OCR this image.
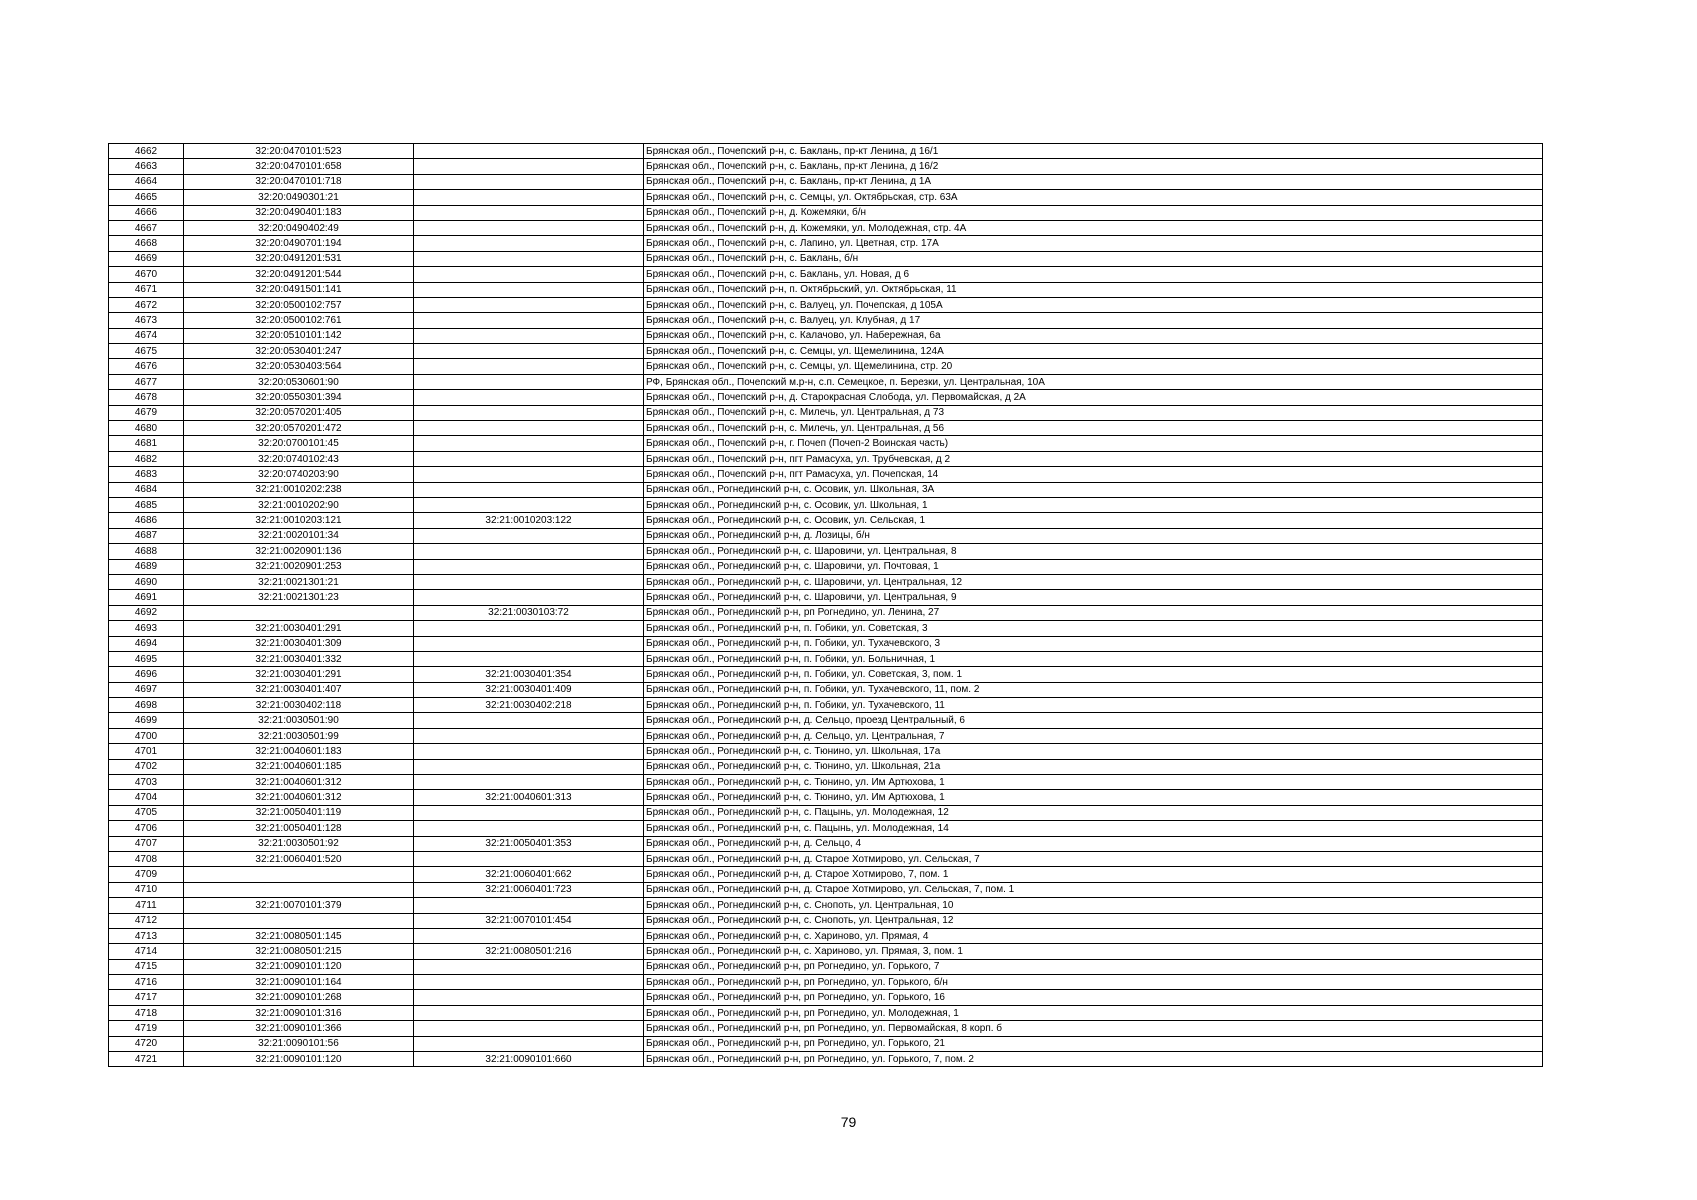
4662	32:20:0470101:523		Брянская обл., Почепский р-н, с. Баклань, пр-кт Ленина, д 16/1
4663	32:20:0470101:658		Брянская обл., Почепский р-н, с. Баклань, пр-кт Ленина, д 16/2
4664	32:20:0470101:718		Брянская обл., Почепский р-н, с. Баклань, пр-кт Ленина, д 1А
4665	32:20:0490301:21		Брянская обл., Почепский р-н, с. Семцы, ул. Октябрьская, стр. 63А
4666	32:20:0490401:183		Брянская обл., Почепский р-н, д. Кожемяки, б/н
4667	32:20:0490402:49		Брянская обл., Почепский р-н, д. Кожемяки, ул. Молодежная, стр. 4А
4668	32:20:0490701:194		Брянская обл., Почепский р-н, с. Лапино, ул. Цветная, стр. 17А
4669	32:20:0491201:531		Брянская обл., Почепский р-н, с. Баклань, б/н
4670	32:20:0491201:544		Брянская обл., Почепский р-н, с. Баклань, ул. Новая, д 6
4671	32:20:0491501:141		Брянская обл., Почепский р-н, п. Октябрьский, ул. Октябрьская, 11
4672	32:20:0500102:757		Брянская обл., Почепский р-н, с. Валуец, ул. Почепская, д 105А
4673	32:20:0500102:761		Брянская обл., Почепский р-н, с. Валуец, ул. Клубная, д 17
4674	32:20:0510101:142		Брянская обл., Почепский р-н, с. Калачово, ул. Набережная, 6а
4675	32:20:0530401:247		Брянская обл., Почепский р-н, с. Семцы, ул. Щемелинина, 124А
4676	32:20:0530403:564		Брянская обл., Почепский р-н, с. Семцы, ул. Щемелинина, стр. 20
4677	32:20:0530601:90		РФ, Брянская обл., Почепский м.р-н, с.п. Семецкое, п. Березки, ул. Центральная, 10А
4678	32:20:0550301:394		Брянская обл., Почепский р-н, д. Старокрасная Слобода, ул. Первомайская, д 2А
4679	32:20:0570201:405		Брянская обл., Почепский р-н, с. Милечь, ул. Центральная, д 73
4680	32:20:0570201:472		Брянская обл., Почепский р-н, с. Милечь, ул. Центральная, д 56
4681	32:20:0700101:45		Брянская обл., Почепский р-н, г. Почеп (Почеп-2 Воинская часть)
4682	32:20:0740102:43		Брянская обл., Почепский р-н, пгт Рамасуха, ул. Трубчевская, д 2
4683	32:20:0740203:90		Брянская обл., Почепский р-н, пгт Рамасуха, ул. Почепская, 14
4684	32:21:0010202:238		Брянская обл., Рогнединский р-н, с. Осовик, ул. Школьная, 3А
4685	32:21:0010202:90		Брянская обл., Рогнединский р-н, с. Осовик, ул. Школьная, 1
4686	32:21:0010203:121	32:21:0010203:122	Брянская обл., Рогнединский р-н, с. Осовик, ул. Сельская, 1
4687	32:21:0020101:34		Брянская обл., Рогнединский р-н, д. Лозицы, б/н
4688	32:21:0020901:136		Брянская обл., Рогнединский р-н, с. Шаровичи, ул. Центральная, 8
4689	32:21:0020901:253		Брянская обл., Рогнединский р-н, с. Шаровичи, ул. Почтовая, 1
4690	32:21:0021301:21		Брянская обл., Рогнединский р-н, с. Шаровичи, ул. Центральная, 12
4691	32:21:0021301:23		Брянская обл., Рогнединский р-н, с. Шаровичи, ул. Центральная, 9
4692		32:21:0030103:72	Брянская обл., Рогнединский р-н, рп Рогнедино, ул. Ленина, 27
4693	32:21:0030401:291		Брянская обл., Рогнединский р-н, п. Гобики, ул. Советская, 3
4694	32:21:0030401:309		Брянская обл., Рогнединский р-н, п. Гобики, ул. Тухачевского, 3
4695	32:21:0030401:332		Брянская обл., Рогнединский р-н, п. Гобики, ул. Больничная, 1
4696	32:21:0030401:291	32:21:0030401:354	Брянская обл., Рогнединский р-н, п. Гобики, ул. Советская, 3, пом. 1
4697	32:21:0030401:407	32:21:0030401:409	Брянская обл., Рогнединский р-н, п. Гобики, ул. Тухачевского, 11, пом. 2
4698	32:21:0030402:118	32:21:0030402:218	Брянская обл., Рогнединский р-н, п. Гобики, ул. Тухачевского, 11
4699	32:21:0030501:90		Брянская обл., Рогнединский р-н, д. Сельцо, проезд Центральный, 6
4700	32:21:0030501:99		Брянская обл., Рогнединский р-н, д. Сельцо, ул. Центральная, 7
4701	32:21:0040601:183		Брянская обл., Рогнединский р-н, с. Тюнино, ул. Школьная, 17а
4702	32:21:0040601:185		Брянская обл., Рогнединский р-н, с. Тюнино, ул. Школьная, 21а
4703	32:21:0040601:312		Брянская обл., Рогнединский р-н, с. Тюнино, ул. Им Артюхова, 1
4704	32:21:0040601:312	32:21:0040601:313	Брянская обл., Рогнединский р-н, с. Тюнино, ул. Им Артюхова, 1
4705	32:21:0050401:119		Брянская обл., Рогнединский р-н, с. Пацынь, ул. Молодежная, 12
4706	32:21:0050401:128		Брянская обл., Рогнединский р-н, с. Пацынь, ул. Молодежная, 14
4707	32:21:0030501:92	32:21:0050401:353	Брянская обл., Рогнединский р-н, д. Сельцо, 4
4708	32:21:0060401:520		Брянская обл., Рогнединский р-н, д. Старое Хотмирово, ул. Сельская, 7
4709		32:21:0060401:662	Брянская обл., Рогнединский р-н, д. Старое Хотмирово, 7, пом. 1
4710		32:21:0060401:723	Брянская обл., Рогнединский р-н, д. Старое Хотмирово, ул. Сельская, 7, пом. 1
4711	32:21:0070101:379		Брянская обл., Рогнединский р-н, с. Снопоть, ул. Центральная, 10
4712		32:21:0070101:454	Брянская обл., Рогнединский р-н, с. Снопоть, ул. Центральная, 12
4713	32:21:0080501:145		Брянская обл., Рогнединский р-н, с. Хариново, ул. Прямая, 4
4714	32:21:0080501:215	32:21:0080501:216	Брянская обл., Рогнединский р-н, с. Хариново, ул. Прямая, 3, пом. 1
4715	32:21:0090101:120		Брянская обл., Рогнединский р-н, рп Рогнедино, ул. Горького, 7
4716	32:21:0090101:164		Брянская обл., Рогнединский р-н, рп Рогнедино, ул. Горького, б/н
4717	32:21:0090101:268		Брянская обл., Рогнединский р-н, рп Рогнедино, ул. Горького, 16
4718	32:21:0090101:316		Брянская обл., Рогнединский р-н, рп Рогнедино, ул. Молодежная, 1
4719	32:21:0090101:366		Брянская обл., Рогнединский р-н, рп Рогнедино, ул. Первомайская, 8 корп. б
4720	32:21:0090101:56		Брянская обл., Рогнединский р-н, рп Рогнедино, ул. Горького, 21
4721	32:21:0090101:120	32:21:0090101:660	Брянская обл., Рогнединский р-н, рп Рогнедино, ул. Горького, 7, пом. 2
79
